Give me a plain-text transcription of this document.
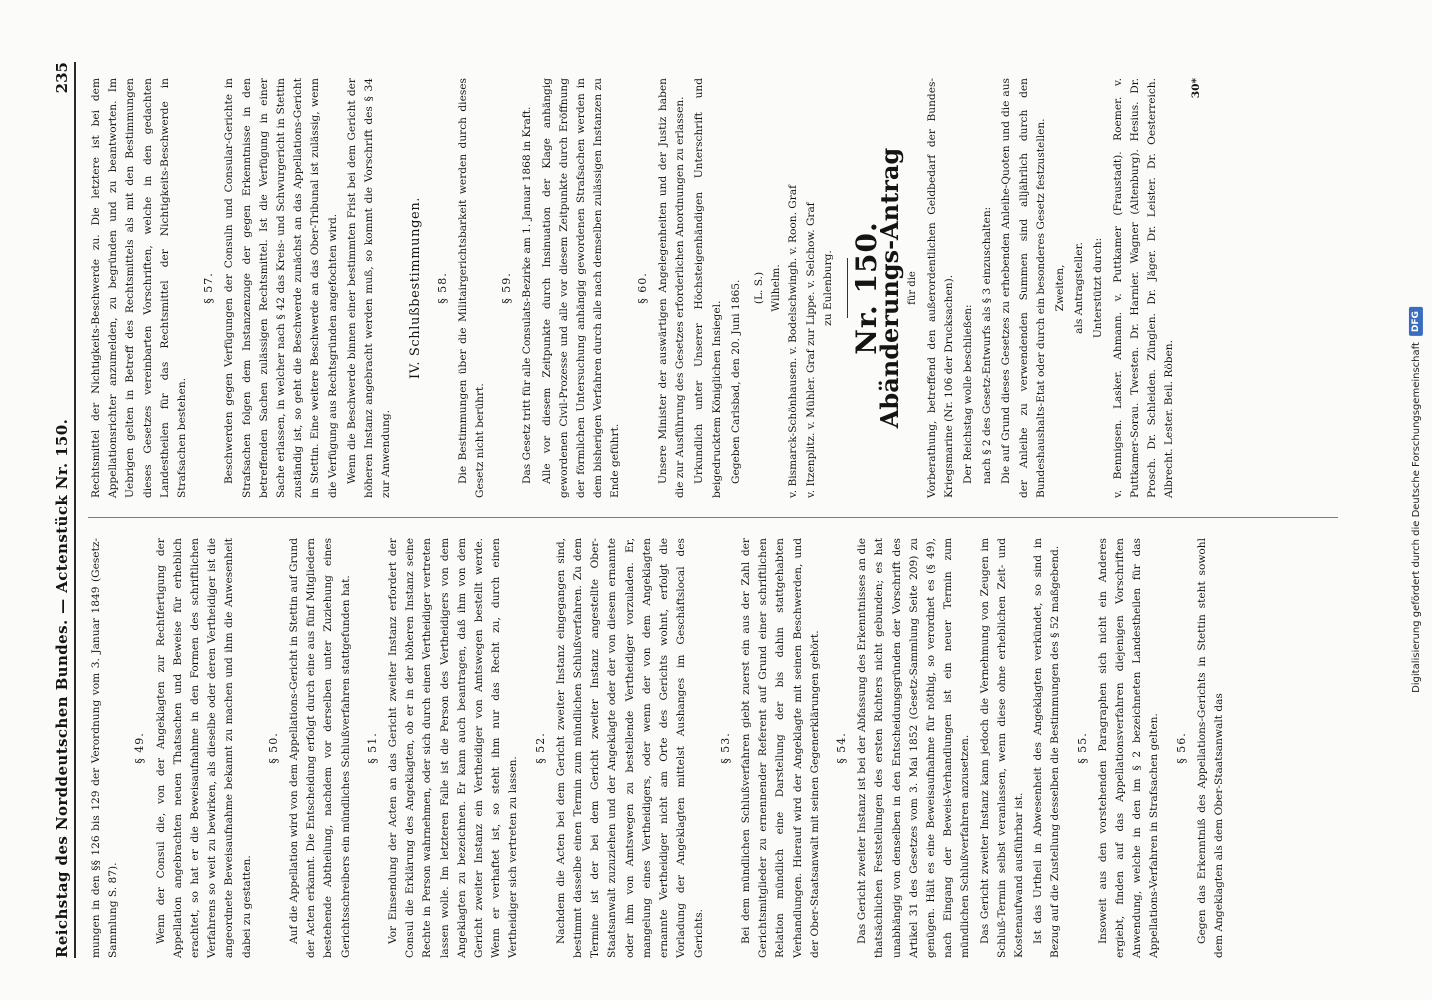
Reichstag des Norddeutschen Bundes. — Actenstück Nr. 150.
235

mungen in den §§ 126 bis 129 der Verordnung vom 3. Januar 1849 (Gesetz-Sammlung S. 87).

§ 49. Wenn der Consul die, von der Angeklagten zur Rechtfertigung der Appellation angebrachten neuen Thatsachen und Beweise für erheblich erachtet, so hat er die Beweisaufnahme in den Formen des schriftlichen Verfahrens so weit zu bewirken, als dieselbe oder deren Vertheidiger ist die angeordnete Beweisaufnahme bekannt zu machen und ihm die Anwesenheit dabei zu gestatten.

§ 50. Auf die Appellation wird von dem Appellations-Gericht in Stettin auf Grund der Acten erkannt. Die Entscheidung erfolgt durch eine aus fünf Mitgliedern bestehende Abtheilung, nachdem vor derselben unter Zuziehung eines Gerichtsschreibers ein mündliches Schlußverfahren stattgefunden hat. § 51. Vor Einsendung der Acten an das Gericht zweiter Instanz erfordert der Consul die Erklärung des Angeklagten, ob er in der höheren Instanz seine Rechte in Person wahrnehmen, oder sich durch einen Vertheidiger vertreten lassen wolle. Im letzteren Falle ist die Person des Vertheidigers von dem Angeklagten zu bezeichnen. Er kann auch beantragen, daß ihm von dem Gericht zweiter Instanz ein Vertheidiger von Amtswegen bestellt werde. Wenn er verhaftet ist, so steht ihm nur das Recht zu, durch einen Vertheidiger sich vertreten zu lassen.

§ 52. Nachdem die Acten bei dem Gericht zweiter Instanz eingegangen sind, bestimmt dasselbe einen Termin zum mündlichen Schlußverfahren. Zu dem Termine ist der bei dem Gericht zweiter Instanz angestellte Ober-Staatsanwalt zuzuziehen und der Angeklagte oder der von diesem ernannte oder ihm von Amtswegen zu bestellende Vertheidiger vorzuladen. Er, mangelung eines Vertheidigers, oder wenn der von dem Angeklagten ernannte Vertheidiger nicht am Orte des Gerichts wohnt, erfolgt die Vorladung der Angeklagten mittelst Aushanges im Geschäftslocal des Gerichts.

§ 53. Bei dem mündlichen Schlußverfahren giebt zuerst ein aus der Zahl der Gerichtsmitglieder zu ernennender Referent auf Grund einer schriftlichen Relation mündlich eine Darstellung der bis dahin stattgehabten Verhandlungen. Hierauf wird der Angeklagte mit seinen Beschwerden, und der Ober-Staatsanwalt mit seinen Gegenerklärungen gehört. § 54. Das Gericht zweiter Instanz ist bei der Abfassung des Erkenntnisses an die thatsächlichen Feststellungen des ersten Richters nicht gebunden; es hat unabhängig von denselben in den Entscheidungsgründen der Vorschrift des Artikel 31 des Gesetzes vom 3. Mai 1852 (Gesetz-Sammlung Seite 209) zu genügen. Hält es eine Beweisaufnahme für nöthig, so verordnet es (§ 49), nach Eingang der Beweis-Verhandlungen ist ein neuer Termin zum mündlichen Schlußverfahren anzusetzen. Das Gericht zweiter Instanz kann jedoch die Vernehmung von Zeugen im Schluß-Termin selbst veranlassen, wenn diese ohne erheblichen Zeit- und Kostenaufwand ausführbar ist. Ist das Urtheil in Abwesenheit des Angeklagten verkündet, so sind in Bezug auf die Zustellung desselben die Bestimmungen des § 52 maßgebend. § 55. Insoweit aus den vorstehenden Paragraphen sich nicht ein Anderes ergiebt, finden auf das Appellationsverfahren diejenigen Vorschriften Anwendung, welche in den im § 2 bezeichneten Landestheilen für das Appellations-Verfahren in Strafsachen gelten. § 56. Gegen das Erkenntniß des Appellations-Gerichts in Stettin steht sowohl dem Angeklagten als dem Ober-Staatsanwalt das

Rechtsmittel der Nichtigkeits-Beschwerde zu. Die letztere ist bei dem Appellationsrichter anzumelden, zu begründen und zu beantworten. Im Uebrigen gelten in Betreff des Rechtsmittels als mit den Bestimmungen dieses Gesetzes vereinbarten Vorschriften, welche in den gedachten Landestheilen für das Rechtsmittel der Nichtigkeits-Beschwerde in Strafsachen bestehen.

§ 57. Beschwerden gegen Verfügungen der Consuln und Consular-Gerichte in Strafsachen folgen dem Instanzenzuge der gegen Erkenntnisse in den betreffenden Sachen zulässigen Rechtsmittel. Ist die Verfügung in einer Sache erlassen, in welcher nach § 42 das Kreis- und Schwurgericht in Stettin zuständig ist, so geht die Beschwerde zunächst an das Appellations-Gericht in Stettin. Eine weitere Beschwerde an das Ober-Tribunal ist zulässig, wenn die Verfügung aus Rechtsgründen angefochten wird. Wenn die Beschwerde binnen einer bestimmten Frist bei dem Gericht der höheren Instanz angebracht werden muß, so kommt die Vorschrift des § 34 zur Anwendung.

IV. Schlußbestimmungen. § 58. Die Bestimmungen über die Militairgerichtsbarkeit werden durch dieses Gesetz nicht berührt.

§ 59. Das Gesetz tritt für alle Consulats-Bezirke am 1. Januar 1868 in Kraft. Alle vor diesem Zeitpunkte durch Insinuation der Klage anhängig gewordenen Civil-Prozesse und alle vor diesem Zeitpunkte durch Eröffnung der förmlichen Untersuchung anhängig gewordenen Strafsachen werden in dem bisherigen Verfahren durch alle nach demselben zulässigen Instanzen zu Ende geführt.

§ 60. Unsere Minister der auswärtigen Angelegenheiten und der Justiz haben die zur Ausführung des Gesetzes erforderlichen Anordnungen zu erlassen. Urkundlich unter Unserer Höchsteigenhändigen Unterschrift und beigedrucktem Königlichen Insiegel. Gegeben Carlsbad, den 20. Juni 1865.	(L. S.) Wilhelm. v. Bismarck-Schönhausen. v. Bodelschwingh. v. Roon. Graf v. Itzenplitz. v. Mühler. Graf zur Lippe. v. Selchow. Graf zu Eulenburg. Nr. 150.
Abänderungs-Antrag für die Vorberathung, betreffend den außerordentlichen Geldbedarf der Bundes-Kriegsmarine (Nr. 106 der Drucksachen). Der Reichstag wolle beschließen: nach § 2 des Gesetz-Entwurfs als § 3 einzuschalten: Die auf Grund dieses Gesetzes zu erhebenden Anleihe-Quoten und die aus der Anleihe zu verwendenden Summen sind alljährlich durch den Bundeshaushalts-Etat oder durch ein besonderes Gesetz festzustellen. Zweiten, als Antragsteller. Unterstützt durch: v. Bennigsen. Lasker. Ahmann. v. Puttkamer (Fraustadt). Roemer. v. Puttkamer-Sorau. Twesten. Dr. Harnier. Wagner (Altenburg). Hesius. Dr. Prosch. Dr. Schleiden. Zünglen. Dr. Jäger. Dr. Leister. Dr. Oesterreich. Albrecht. Lester. Beil. Röben.

30*
Digitalisierung gefördert durch die Deutsche Forschungsgemeinschaft
DFG
